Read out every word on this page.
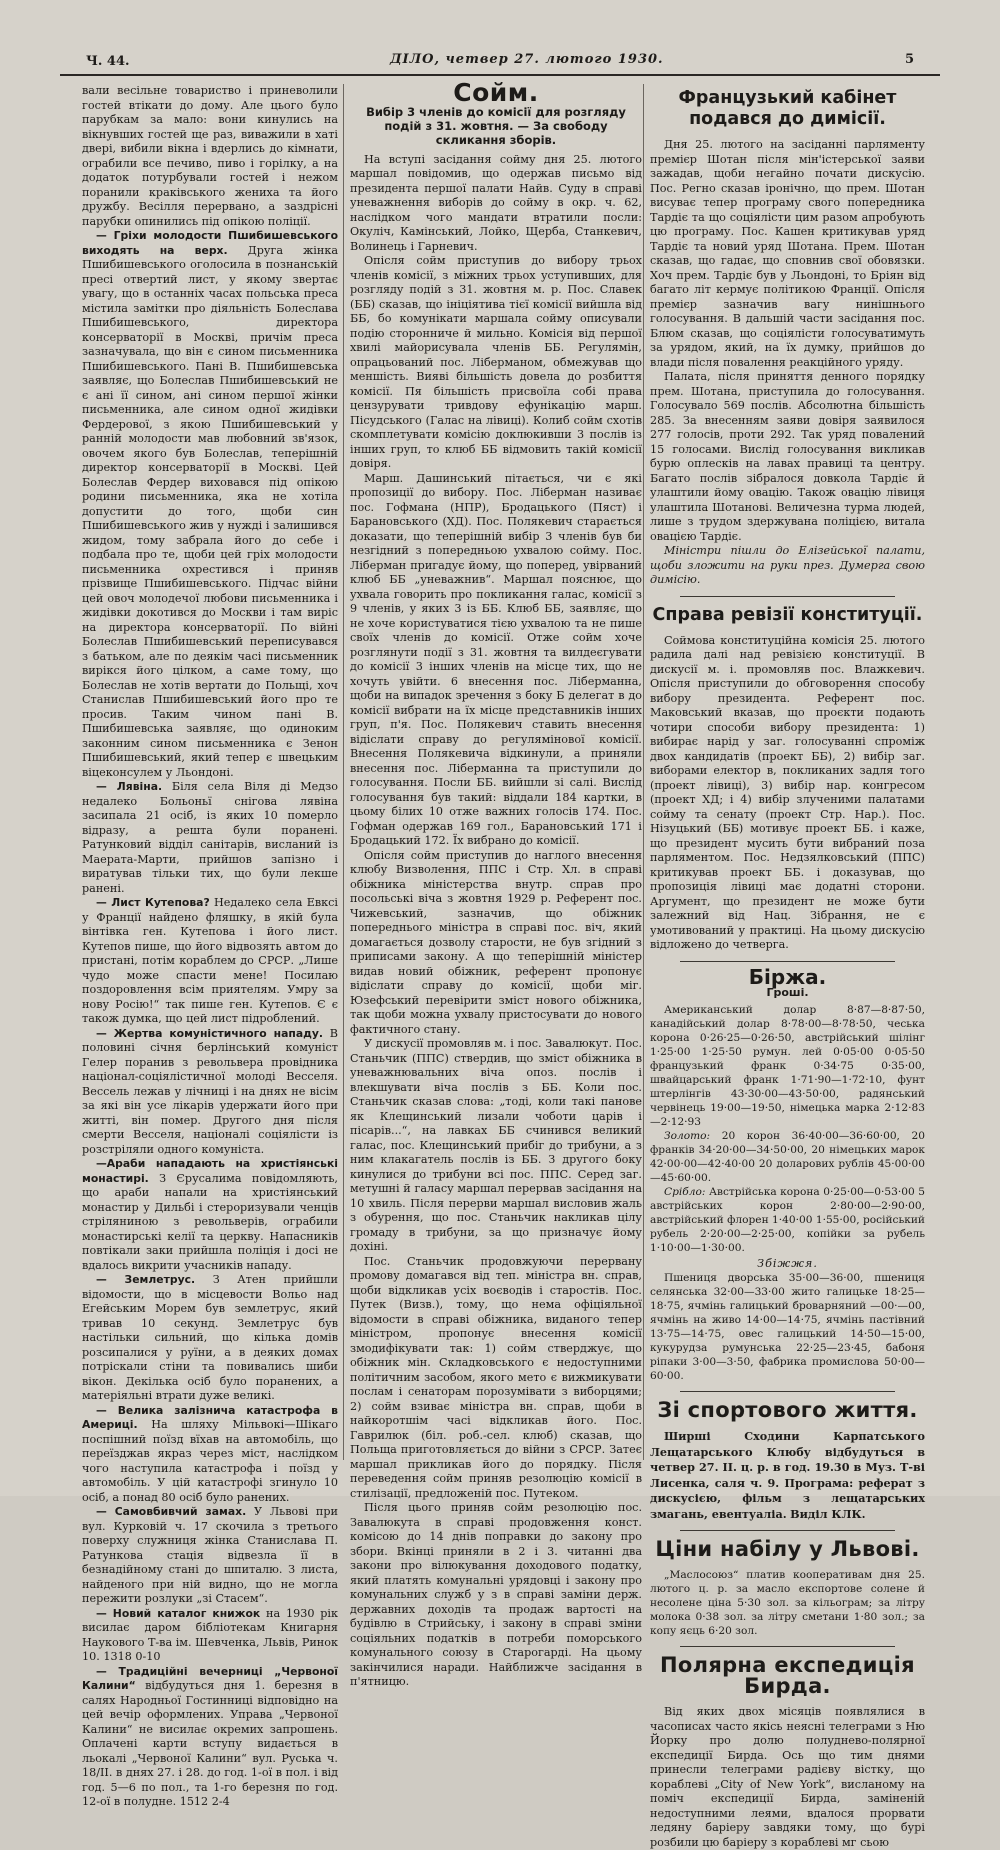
Ч. 44.	ДІЛО, четвер 27. лютого 1930.	5

вали весільне товариство і приневолили гостей втікати до дому. Але цього було парубкам за мало: вони кинулись на вікнувших гостей ще раз, виважили в хаті двері, вибили вікна і вдерлись до кімнати, ограбили все печиво, пиво і горілку, а на додаток потурбували гостей і нежом поранили краківського жениха та його дружбу. Весілля перервано, а заздрісні парубки опинились під опікою поліції.

— Гріхи молодости Пшибишевського виходять на верх. Друга жінка Пшибишевського оголосила в познанській пресі отвертий лист, у якому звертає увагу, що в останніх часах польська преса містила замітки про діяльність Болеслава Пшибишевського, директора консерваторії в Москві, причім преса зазначувала, що він є сином письменника Пшибишевського. Пані В. Пшибишевська заявляє, що Болеслав Пшибишевський не є ані її сином, ані сином першої жінки письменника, але сином одної жидівки Фердерової, з якою Пшибишевський у ранній молодости мав любовний зв'язок, овочем якого був Болеслав, теперішній директор консерваторії в Москві. Цей Болеслав Фердер виховався під опікою родини письменника, яка не хотіла допустити до того, щоби син Пшибишевського жив у нужді і залишився жидом, тому забрала його до себе і подбала про те, щоби цей гріх молодости письменника охрестився і приняв прізвище Пшибишевського. Підчас війни цей овоч молодечої любови письменника і жидівки докотився до Москви і там виріс на директора консерваторії. По війні Болеслав Пшибишевський переписувався з батьком, але по деякім часі письменник вирікся його цілком, а саме тому, що Болеслав не хотів вертати до Польщі, хоч Станислав Пшибишевський його про те просив. Таким чином пані В. Пшибишевська заявляє, що одиноким законним сином письменника є Зенон Пшибишевський, який тепер є швецьким віцеконсулем у Льондоні.

— Лявіна. Біля села Віля ді Медзо недалеко Больоньї снігова лявіна засипала 21 осіб, із яких 10 померло відразу, а решта були поранені. Ратунковий відділ санітарів, висланий із Маерата-Марти, прийшов запізно і виратував тільки тих, що були лекше ранені.

— Лист Кутепова? Недалеко села Евксі у Франції найдено фляшку, в якій була вінтівка ген. Кутепова і його лист. Кутепов пише, що його відвозять автом до пристані, потім кораблем до СРСР. „Лише чудо може спасти мене! Посилаю поздоровлення всім приятелям. Умру за нову Росію!“ так пише ген. Кутепов. Є є також думка, що цей лист підроблений.

— Жертва комуністичного нападу. В половині січня берлінський комуніст Гелер поранив з револьвера провідника націонал-соціялістичної молоді Весселя. Вессель лежав у лічниці і на днях не вісім за які він усе лікарів удержати його при житті, він помер. Другого дня після смерти Весселя, націоналі соціялісти із розстріляли одного комуніста.

—Араби нападають на христіянські монастирі. З Єрусалима повідомляють, що араби напали на христіянський монастир у Дильбі і стероризували ченців стріляниною з револьверів, ограбили монастирські келії та церкву. Напасників повтікали заки прийшла поліція і досі не вдалось викрити учасників нападу.

— Землетрус. З Атен прийшли відомости, що в місцевости Вольо над Егейським Морем був землетрус, який тривав 10 секунд. Землетрус був настільки сильний, що кілька домів розсипалися у руїни, а в деяких домах потріскали стіни та повивались шиби вікон. Декілька осіб було поранених, а матеріяльні втрати дуже великі.

— Велика залізнича катастрофа в Америці. На шляху Мільвокі—Шікаго поспішний поїзд вїхав на автомобіль, що переїзджав якраз через міст, наслідком чого наступила катастрофа і поїзд у автомобіль. У цій катастрофі згинуло 10 осіб, а понад 80 осіб було ранених.

— Самовбивчий замах. У Львові при вул. Курковій ч. 17 скочила з третього поверху служниця жінка Станислава П. Ратункова стація відвезла її в безнадійному стані до шпиталю. З листа, найденого при ній видно, що не могла пережити розлуки „зі Стасем“.

— Новий каталог книжок на 1930 рік висилає даром бібліотекам Книгарня Наукового Т-ва ім. Шевченка, Львів, Ринок 10. 1318 0-10

— Традиційні вечерниці „Червоної Калини“ відбудуться дня 1. березня в салях Народньої Гостинниці відповідно на цей вечір оформлених. Управа „Червоної Калини“ не висилає окремих запрошень. Оплачені карти вступу видається в льокалі „Червоної Калини“ вул. Руська ч. 18/ІІ. в днях 27. і 28. до год. 1-ої в пол. і від год. 5—6 по пол., та 1-го березня по год. 12-ої в полудне. 1512 2-4

Сойм.
Вибір 3 членів до комісії для розгляду подій з 31. жовтня. — За свободу скликання зборів.

На вступі засідання сойму дня 25. лютого маршал повідомив, що одержав письмо від президента першої палати Найв. Суду в справі уневажнення виборів до сойму в окр. ч. 62, наслідком чого мандати втратили посли: Окуліч, Камінський, Лойко, Щерба, Станкевич, Волинець і Гарневич.

Опісля сойм приступив до вибору трьох членів комісії, з міжних трьох уступивших, для розгляду подій з 31. жовтня м. р. Пос. Славек (ББ) сказав, що ініціятива тієї комісії вийшла від ББ, бо комунікати маршала сойму описували подію сторонниче й мильно. Комісія від першої хвилі майорисувала членів ББ. Регулямін, опрацьований пос. Ліберманом, обмежував що меншість. Вияві більшість довела до розбиття комісії. Пя більшість присвоїла собі права цензурувати тривдову ефунікацію марш. Пісудського (Галас на лівиці). Колиб сойм схотів скомплетувати комісію доклюкивши 3 послів із інших груп, то клюб ББ відмовить такій комісії довіря.

Марш. Дашинський пітається, чи є які пропозиції до вибору. Пос. Ліберман називає пос. Гофмана (НПР), Бродацького (Пяст) і Барановського (ХД). Пос. Полякевич старається доказати, що теперішній вибір 3 членів був би незгідний з попередньою ухвалою сойму. Пос. Ліберман пригадує йому, що поперед, увірваний клюб ББ „уневажнив“. Маршал пояснює, що ухвала говорить про покликання галас, комісії з 9 членів, у яких 3 із ББ. Клюб ББ, заявляє, що не хоче користуватися тією ухвалою та не пише своїх членів до комісії. Отже сойм хоче розглянути події з 31. жовтня та вилдеєгувати до комісії 3 інших членів на місце тих, що не хочуть увійти. 6 внесення пос. Ліберманна, щоби на випадок зречення з боку Б делегат в до комісії вибрати на їх місце представників інших груп, п'я. Пос. Полякевич ставить внесення відіслати справу до регулямінової комісії. Внесення Полякевича відкинули, а приняли внесення пос. Ліберманна та приступили до голосування. Посли ББ. вийшли зі салі. Вислід голосування був такий: віддали 184 картки, в цьому білих 10 отже важних голосів 174. Пос. Гофман одержав 169 гол., Барановський 171 і Бродацький 172. Їх вибрано до комісії.

Опісля сойм приступив до наглого внесення клюбу Визволення, ППС і Стр. Хл. в справі обіжника міністерства внутр. справ про посольські віча з жовтня 1929 р. Референт пос. Чижевський, зазначив, що обіжник попереднього міністра в справі пос. віч, який домагається дозволу старости, не був згідний з приписами закону. А що теперішній міністер видав новий обіжник, референт пропонує відіслати справу до комісії, щоби міг. Юзефський перевірити зміст нового обіжника, так щоби можна ухвалу пристосувати до нового фактичного стану.

У дискусії промовляв м. і пос. Завалюкут. Пос. Станьчик (ППС) ствердив, що зміст обіжника в уневажнювальних віча опоз. послів і влекшувати віча послів з ББ. Коли пос. Станьчик сказав слова: „тоді, коли такі панове як Клещинський лизали чоботи царів і пісарів...“, на лавках ББ счинився великий галас, пос. Клещинський прибіг до трибуни, а з ним клакагатель послів із ББ. З другого боку кинулися до трибуни всі пос. ППС. Серед заг. метушні й галасу маршал перервав засідання на 10 хвиль. Після перерви маршал висловив жаль з обурення, що пос. Станьчик накликав цілу громаду в трибуни, за що призначує йому дохіні.

Пос. Станьчик продовжуючи перервану промову домагався від теп. міністра вн. справ, щоби відкликав усіх воєводів і старостів. Пос. Путек (Визв.), тому, що нема офіціяльної відомости в справі обіжника, виданого тепер міністром, пропонує внесення комісії змодифікувати так: 1) сойм стверджує, що обіжник мін. Складковського є недоступними політичним засобом, якого мето є вижмикувати послам і сенаторам порозумівати з виборцями; 2) сойм взиває міністра вн. справ, щоби в найкоротшім часі відкликав його. Пос. Гаврилюк (біл. роб.-сел. клюб) сказав, що Польща приготовляється до війни з СРСР. Затеє маршал прикликав його до порядку. Після переведення сойм приняв резолюцію комісії в стилізації, предложеній пос. Путеком.

Після цього приняв сойм резолюцію пос. Завалюкута в справі продовження конст. комісою до 14 днів поправки до закону про збори. Вкінці приняли в 2 і 3. читанні два закони про вілюкування доходового податку, який платять комунальні урядовці і закону про комунальних служб у з в справі заміни держ. державних доходів та продаж вартості на будівлю в Стрийську, і закону в справі зміни соціяльних податків в потреби поморського комунального союзу в Старогарді. На цьому закінчилися наради. Найближче засідання в п'ятницю.

Французький кабінет подався до димісії.

Дня 25. лютого на засіданні парляменту премієр Шотан після мін'істерської заяви зажадав, щоби негайно почати дискусію. Пос. Регно сказав іронічно, що прем. Шотан висуває тепер програму свого попередника Тардіє та що соціялісти цим разом апробують цю програму. Пос. Кашен критикував уряд Тардіє та новий уряд Шотана. Прем. Шотан сказав, що гадає, що сповнив свої обовязки. Хоч прем. Тардіє був у Льондоні, то Бріян від багато літ кермує політикою Франції. Опісля премієр зазначив вагу нинішнього голосування. В дальшій части засідання пос. Блюм сказав, що соціялісти голосуватимуть за урядом, який, на їх думку, прийшов до влади після повалення реакційного уряду.

Палата, після приняття денного порядку прем. Шотана, приступила до голосування. Голосувало 569 послів. Абсолютна більшість 285. За внесенням заяви довіря заявилося 277 голосів, проти 292. Так уряд повалений 15 голосами. Вислід голосування викликав бурю оплесків на лавах правиці та центру. Багато послів зібралося довкола Тардіє й улаштили йому овацію. Також овацію лівиця улаштила Шотанові. Величезна турма людей, лише з трудом здержувана поліцією, витала овацією Тардіє.

Міністри пішли до Елізейської палати, щоби зложити на руки през. Думерга свою димісію.

Справа ревізії конституції.

Соймова конституційна комісія 25. лютого радила далі над ревізією конституції. В дискусії м. і. промовляв пос. Влажкевич. Опісля приступили до обговорення способу вибору президента. Референт пос. Маковський вказав, що проєкти подають чотири способи вибору президента: 1) вибирає нарід у заг. голосуванні спроміж двох кандидатів (проект ББ), 2) вибір заг. виборами електор в, покликаних задля того (проект лівиці), 3) вибір нар. конгресом (проект ХД; і 4) вибір злученими палатами сойму та сенату (проект Стр. Нар.). Пос. Нізуцький (ББ) мотивує проект ББ. і каже, що президент мусить бути вибраний поза парляментом. Пос. Недзялковський (ППС) критикував проект ББ. і доказував, що пропозиція лівиці має додатні сторони. Аргумент, що президент не може бути залежний від Нац. Зібрання, не є умотивований у практиці. На цьому дискусію відложено до четверга.

Біржа.

Гроші.

Американський долар 8·87—8·87·50, канадійський долар 8·78·00—8·78·50, чеська корона 0·26·25—0·26·50, австрійський шілінг 1·25·00 1·25·50 румун. лей 0·05·00 0·05·50 французький франк 0·34·75 0·35·00, швайцарський франк 1·71·90—1·72·10, фунт штерлінгів 43·30·00—43·50·00, радянський червінець 19·00—19·50, німецька марка 2·12·83—2·12·93

Золото: 20 корон 36·40·00—36·60·00, 20 франків 34·20·00—34·50·00, 20 німецьких марок 42·00·00—42·40·00 20 доларових рублів 45·00·00—45·60·00.

Срібло: Австрійська корона 0·25·00—0·53·00 5 австрійських корон 2·80·00—2·90·00, австрійський флорен 1·40·00 1·55·00, російський рубель 2·20·00—2·25·00, копійки за рубель 1·10·00—1·30·00.

Збіжжя.

Пшениця дворська 35·00—36·00, пшениця селянська 32·00—33·00 жито галицьке 18·25—18·75, ячмінь галицький броварняний —00·—00, ячмінь на живо 14·00—14·75, ячмінь пастівний 13·75—14·75, овес галицький 14·50—15·00, кукурудза румунська 22·25—23·45, бабоня ріпаки 3·00—3·50, фабрика промислова 50·00—60·00.

Зі спортового життя.

Ширші Сходини Карпатського Лещатарського Клюбу відбудуться в четвер 27. ІІ. ц. р. в год. 19.30 в Муз. Т-ві Лисенка, саля ч. 9. Програма: реферат з дискусією, фільм з лещатарських змагань, евентуаліа. Виділ КЛК.

Ціни набілу у Львові.

„Маслосоюз“ платив кооперативам дня 25. лютого ц. р. за масло експортове солене й несолене ціна 5·30 зол. за кільограм; за літру молока 0·38 зол. за літру сметани 1·80 зол.; за копу яєць 6·20 зол.

Полярна експедиція Бирда.

Від яких двох місяців появлялися в часописах часто якісь неясні телеграми з Ню Йорку про долю полуднево-полярної експедиції Бирда. Ось що тим днями принесли телеграми радієву вістку, що кораблеві „City of New York“, висланому на поміч експедиції Бирда, заміненій недоступними леями, вдалося прорвати ледяну баріеру завдяки тому, що бурі розбили цю баріеру з кораблеві мг сьою
